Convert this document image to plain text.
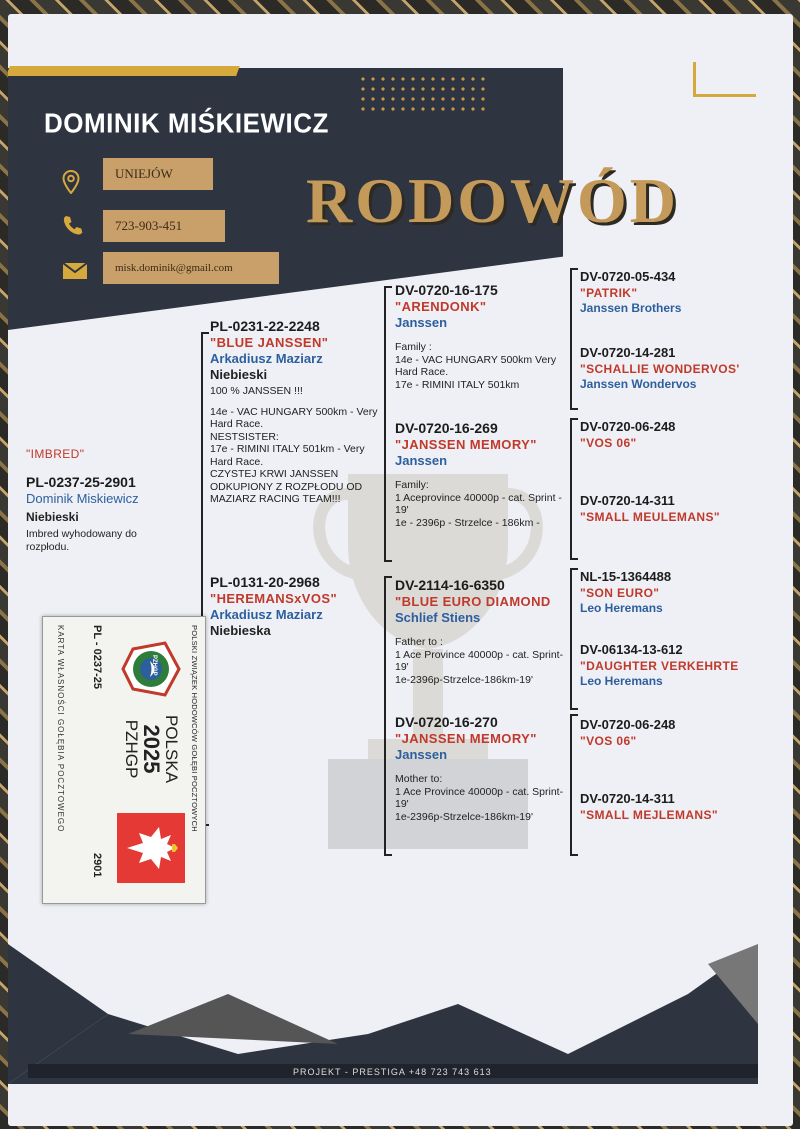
DOMINIK MIŚKIEWICZ
UNIEJÓW
723-903-451
misk.dominik@gmail.com
RODOWÓD
"IMBRED"
PL-0237-25-2901
Dominik Miskiewicz
Niebieski
Imbred wyhodowany do rozpłodu.
PL-0231-22-2248
"BLUE JANSSEN"
Arkadiusz Maziarz
Niebieski
100 % JANSSEN !!!
14e - VAC HUNGARY 500km - Very Hard Race.
NESTSISTER:
17e - RIMINI ITALY 501km - Very Hard Race.
CZYSTEJ KRWI JANSSEN ODKUPIONY Z ROZPŁODU OD MAZIARZ RACING TEAM!!!
PL-0131-20-2968
"HEREMANSxVOS"
Arkadiusz Maziarz
Niebieska
DV-0720-16-175
"ARENDONK"
Janssen
Family :
14e - VAC HUNGARY 500km Very Hard Race.
17e - RIMINI ITALY 501km
DV-0720-16-269
"JANSSEN MEMORY"
Janssen
Family:
1 Aceprovince 40000p - cat. Sprint - 19'
1e - 2396p - Strzelce - 186km -
DV-2114-16-6350
"BLUE EURO DIAMOND
Schlief Stiens
Father to :
1 Ace Province 40000p - cat. Sprint-19'
1e-2396p-Strzelce-186km-19'
DV-0720-16-270
"JANSSEN MEMORY"
Janssen
Mother to:
1 Ace Province 40000p - cat. Sprint-19'
1e-2396p-Strzelce-186km-19'
DV-0720-05-434
"PATRIK"
Janssen Brothers
DV-0720-14-281
"SCHALLIE WONDERVOS'
Janssen Wondervos
DV-0720-06-248
"VOS 06"
DV-0720-14-311
"SMALL MEULEMANS"
NL-15-1364488
"SON EURO"
Leo Heremans
DV-06134-13-612
"DAUGHTER VERKEHRTE
Leo Heremans
DV-0720-06-248
"VOS 06"
DV-0720-14-311
"SMALL MEJLEMANS"
POLSKI ZWIĄZEK HODOWCÓW GOŁĘBI POCZTOWYCH
PZHGP
POLSKA
2025
PZHGP
PL - 0237-25
2901
KARTA WŁASNOŚCI GOŁĘBIA POCZTOWEGO
PROJEKT - PRESTIGA +48 723 743 613
